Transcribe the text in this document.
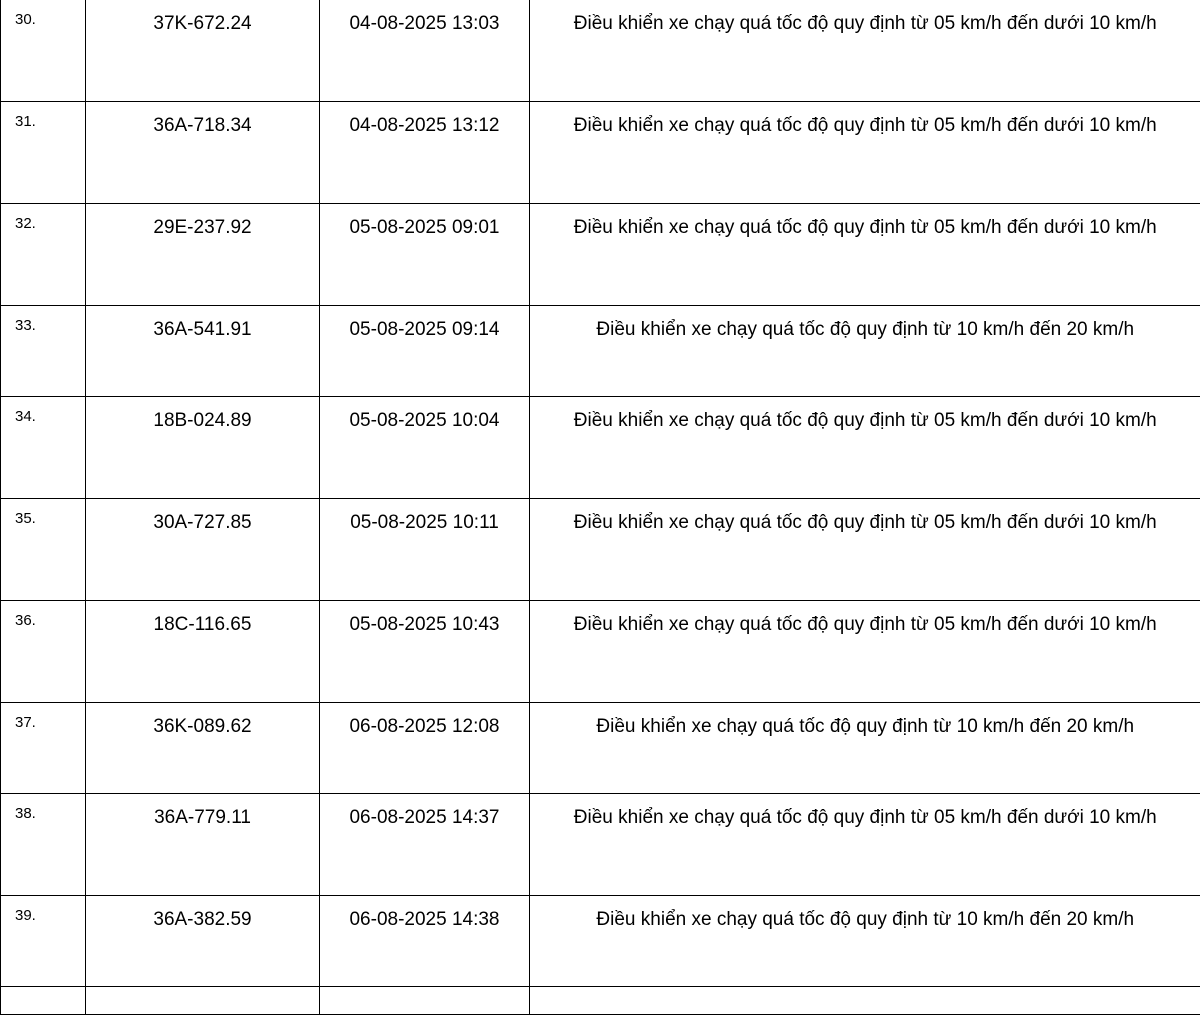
30.	37K-672.24	04-08-2025 13:03	Điều khiển xe chạy quá tốc độ quy định từ 05 km/h đến dưới 10 km/h
31.	36A-718.34	04-08-2025 13:12	Điều khiển xe chạy quá tốc độ quy định từ 05 km/h đến dưới 10 km/h
32.	29E-237.92	05-08-2025 09:01	Điều khiển xe chạy quá tốc độ quy định từ 05 km/h đến dưới 10 km/h
33.	36A-541.91	05-08-2025 09:14	Điều khiển xe chạy quá tốc độ quy định từ 10 km/h đến 20 km/h
34.	18B-024.89	05-08-2025 10:04	Điều khiển xe chạy quá tốc độ quy định từ 05 km/h đến dưới 10 km/h
35.	30A-727.85	05-08-2025 10:11	Điều khiển xe chạy quá tốc độ quy định từ 05 km/h đến dưới 10 km/h
36.	18C-116.65	05-08-2025 10:43	Điều khiển xe chạy quá tốc độ quy định từ 05 km/h đến dưới 10 km/h
37.	36K-089.62	06-08-2025 12:08	Điều khiển xe chạy quá tốc độ quy định từ 10 km/h đến 20 km/h
38.	36A-779.11	06-08-2025 14:37	Điều khiển xe chạy quá tốc độ quy định từ 05 km/h đến dưới 10 km/h
39.	36A-382.59	06-08-2025 14:38	Điều khiển xe chạy quá tốc độ quy định từ 10 km/h đến 20 km/h
